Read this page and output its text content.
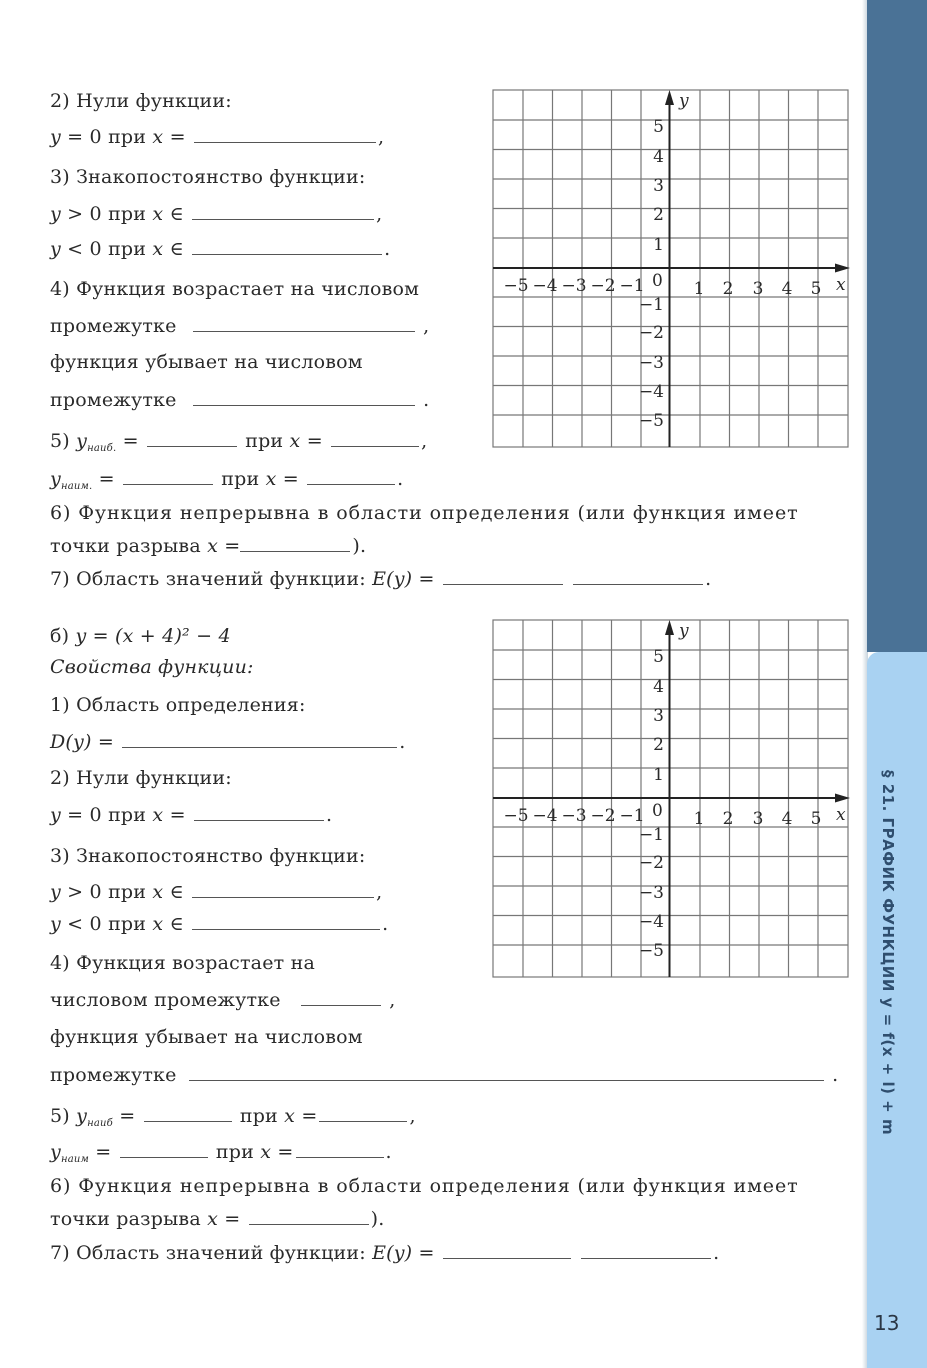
§ 21. ГРАФИК ФУНКЦИИ y = f(x + l) + m
13
2) Нули функции:
y = 0 при x =	,
3) Знакопостоянство функции:
y > 0 при x ∈	,
y < 0 при x ∈	.
4) Функция возрастает на числовом
промежутке	,
функция убывает на числовом
промежутке	.
5) $y_{наиб.}$ =	при x =	,
$y_{наим.}$ =	при x =	.
6) Функция непрерывна в области определения (или функция имеет
точки разрыва x =	).
7) Область значений функции: E(y) =	.
y
x
0
−5 −4 −3 −2 −1	1 2 3 4 5
5
4
3
2
1
−1
−2
−3
−4
−5
б) y = (x + 4)² − 4
Свойства функции:
1) Область определения:
D(y) =	.
2) Нули функции:
y = 0 при x =	.
3) Знакопостоянство функции:
y > 0 при x ∈	,
y < 0 при x ∈	.
4) Функция возрастает на
числовом промежутке	,
функция убывает на числовом
промежутке	.
5) $y_{наиб}$ =	при x =	,
$y_{наим}$ =	при x =	.
6) Функция непрерывна в области определения (или функция имеет
точки разрыва x =	).
7) Область значений функции: E(y) =	.
y
x
0
−5 −4 −3 −2 −1	1 2 3 4 5
5
4
3
2
1
−1
−2
−3
−4
−5
